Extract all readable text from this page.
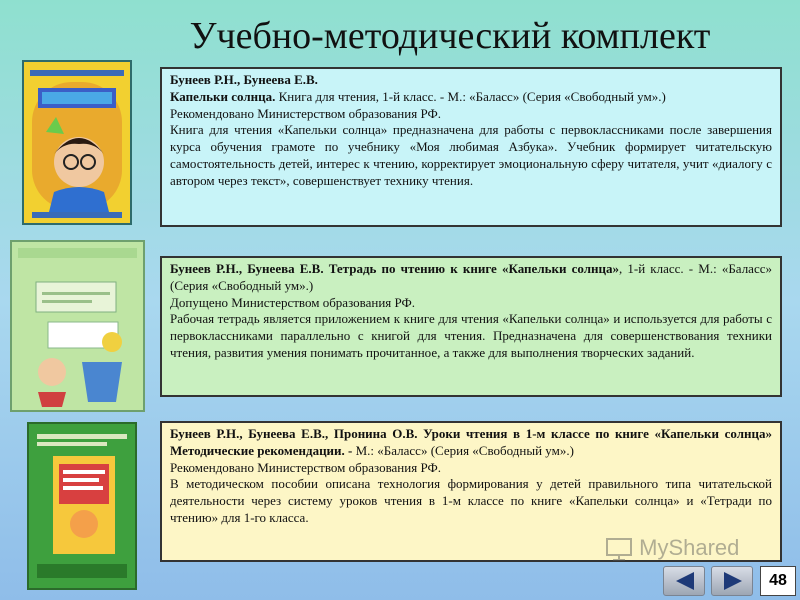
Учебно-методический комплект

Бунеев Р.Н., Бунеева Е.В.

Капельки солнца. Книга для чтения, 1-й класс. - М.: «Баласс» (Серия «Свободный ум».)

Рекомендовано Министерством образования РФ.

Книга для чтения «Капельки солнца» предназначена для работы с первоклассниками после завершения курса обучения грамоте по учебнику «Моя любимая Азбука». Учебник формирует читательскую самостоятельность детей, интерес к чтению, корректирует эмоциональную сферу читателя, учит «диалогу с автором через текст», совершенствует технику чтения.

Бунеев Р.Н., Бунеева Е.В. Тетрадь по чтению к книге «Капельки солнца», 1-й класс. - М.: «Баласс» (Серия «Свободный ум».)

Допущено Министерством образования РФ.

Рабочая тетрадь является приложением к книге для чтения «Капельки солнца» и используется для работы с первоклассниками параллельно с книгой для чтения. Предназначена для совершенствования техники чтения, развития умения понимать прочитанное, а также для выполнения творческих заданий.

Бунеев Р.Н., Бунеева Е.В., Пронина О.В. Уроки чтения в 1-м классе по книге «Капельки солнца» Методические рекомендации. - М.: «Баласс» (Серия «Свободный ум».)

Рекомендовано Министерством образования РФ.

В методическом пособии описана технология формирования у детей правильного типа читательской деятельности через систему уроков чтения в 1-м классе по книге «Капельки солнца» и «Тетради по чтению» для 1-го класса.

MyShared
48
